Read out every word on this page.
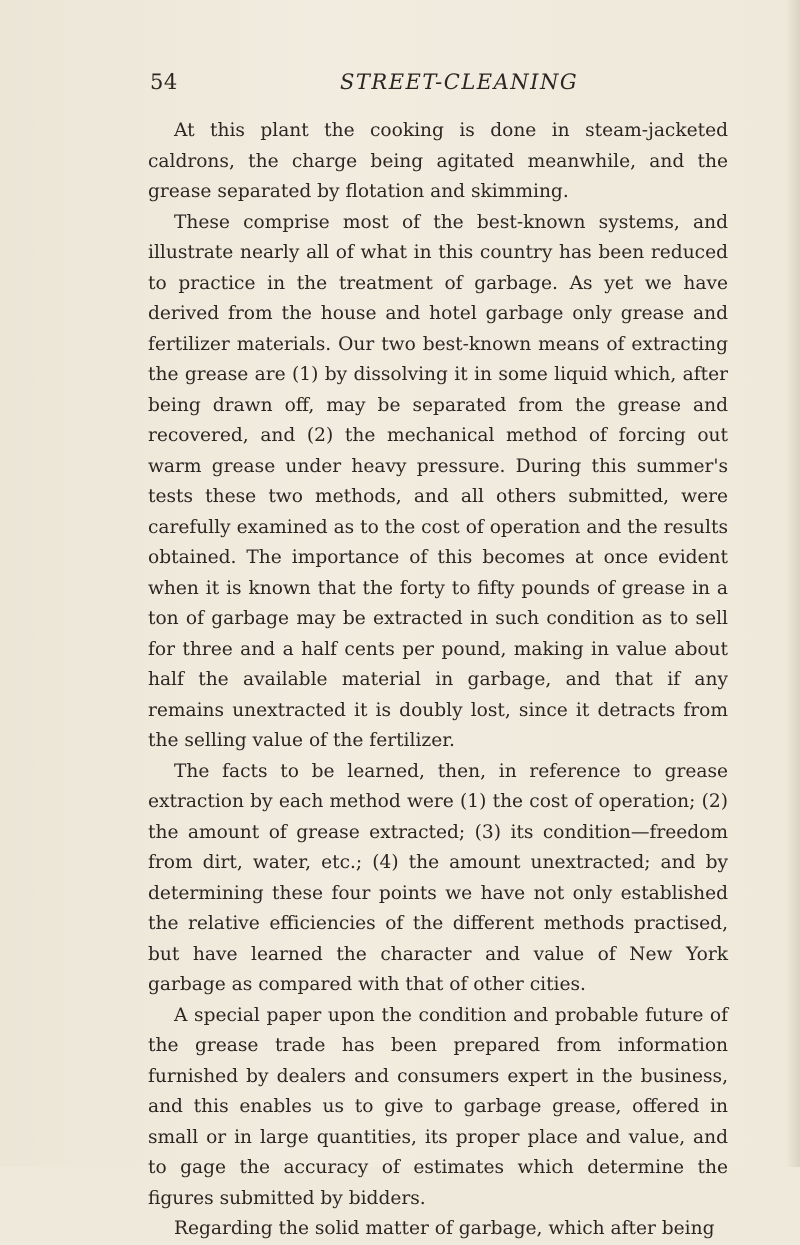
54	STREET-CLEANING

At this plant the cooking is done in steam-jacketed caldrons, the charge being agitated meanwhile, and the grease separated by flotation and skimming.

These comprise most of the best-known systems, and illustrate nearly all of what in this country has been reduced to practice in the treatment of garbage. As yet we have derived from the house and hotel garbage only grease and fertilizer materials. Our two best-known means of extracting the grease are (1) by dissolving it in some liquid which, after being drawn off, may be separated from the grease and recovered, and (2) the mechanical method of forcing out warm grease under heavy pressure. During this summer's tests these two methods, and all others submitted, were carefully examined as to the cost of operation and the results obtained. The importance of this becomes at once evident when it is known that the forty to fifty pounds of grease in a ton of garbage may be extracted in such condition as to sell for three and a half cents per pound, making in value about half the available material in garbage, and that if any remains unextracted it is doubly lost, since it detracts from the selling value of the fertilizer.

The facts to be learned, then, in reference to grease extraction by each method were (1) the cost of operation; (2) the amount of grease extracted; (3) its condition—freedom from dirt, water, etc.; (4) the amount unextracted; and by determining these four points we have not only established the relative efficiencies of the different methods practised, but have learned the character and value of New York garbage as compared with that of other cities.

A special paper upon the condition and probable future of the grease trade has been prepared from information furnished by dealers and consumers expert in the business, and this enables us to give to garbage grease, offered in small or in large quantities, its proper place and value, and to gage the accuracy of estimates which determine the figures submitted by bidders.

Regarding the solid matter of garbage, which after being
